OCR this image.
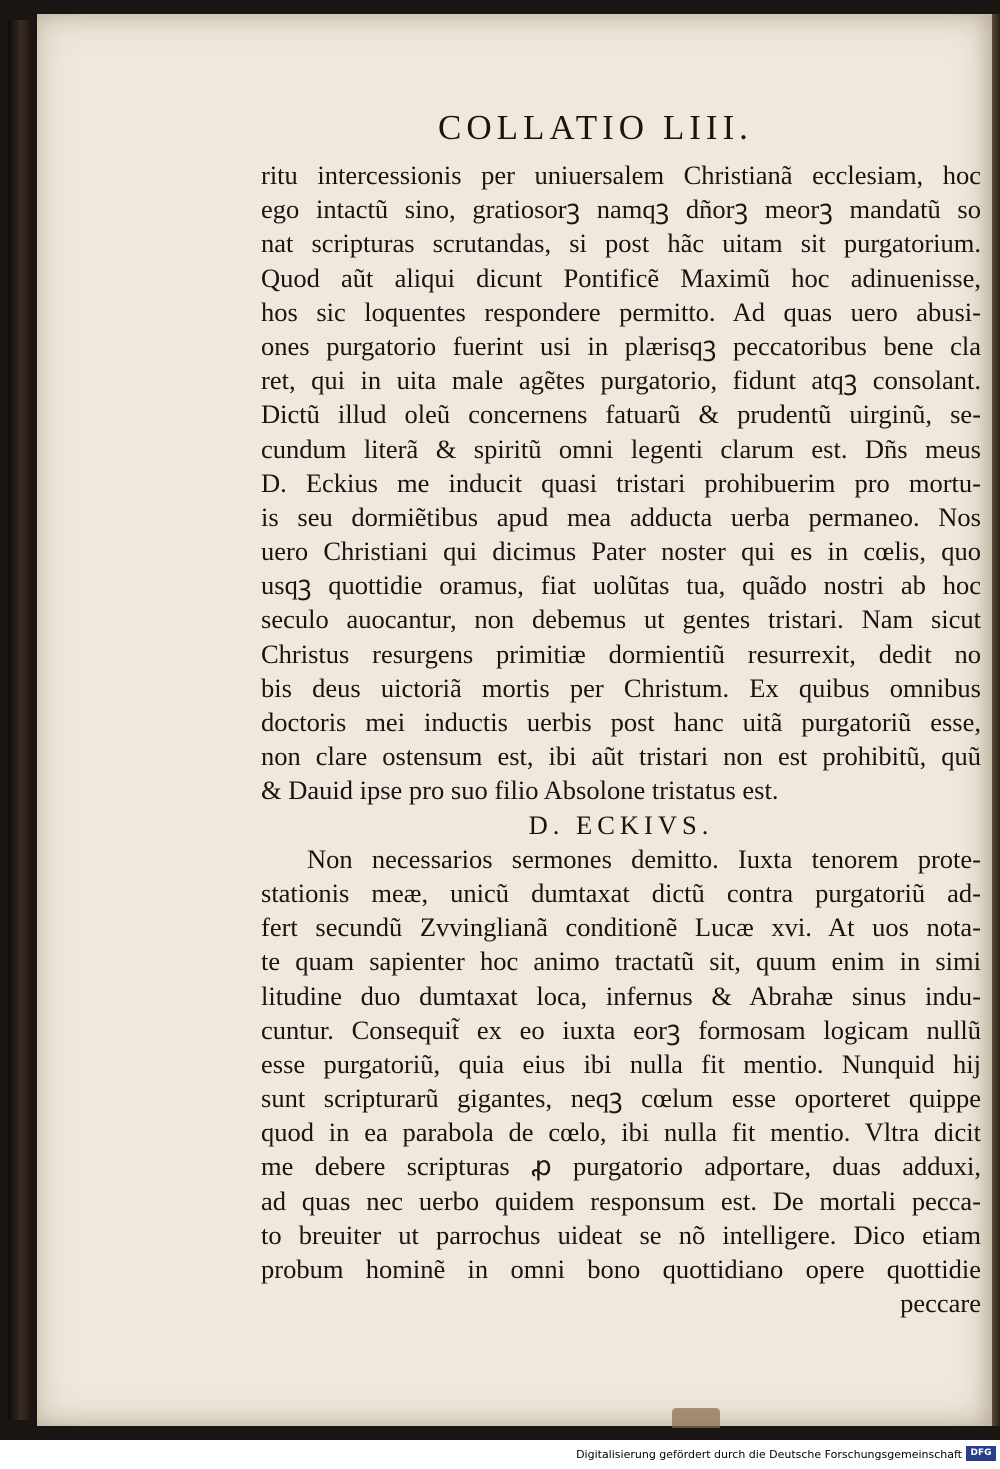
COLLATIO LIII.
ritu intercessionis per uniuersalem Christianã ecclesiam, hoc
ego intactũ sino, gratiosorꝫ namqꝫ dñorꝫ meorꝫ mandatũ so
nat scripturas scrutandas, si post hãc uitam sit purgatorium.
Quod aũt aliqui dicunt Pontificẽ Maximũ hoc adinuenisse,
hos sic loquentes respondere permitto. Ad quas uero abusi-
ones purgatorio fuerint usi in plærisqꝫ peccatoribus bene cla
ret, qui in uita male agẽtes purgatorio, fidunt atqꝫ consolant.
Dictũ illud oleũ concernens fatuarũ & prudentũ uirginũ, se-
cundum literã & spiritũ omni legenti clarum est. Dñs meus
D. Eckius me inducit quasi tristari prohibuerim pro mortu-
is seu dormiẽtibus apud mea adducta uerba permaneo. Nos
uero Christiani qui dicimus Pater noster qui es in cœlis, quo
usqꝫ quottidie oramus, fiat uolũtas tua, quãdo nostri ab hoc
seculo auocantur, non debemus ut gentes tristari. Nam sicut
Christus resurgens primitiæ dormientiũ resurrexit, dedit no
bis deus uictoriã mortis per Christum. Ex quibus omnibus
doctoris mei inductis uerbis post hanc uitã purgatoriũ esse,
non clare ostensum est, ibi aũt tristari non est prohibitũ, quũ
& Dauid ipse pro suo filio Absolone tristatus est.
D. ECKIVS.
Non necessarios sermones demitto. Iuxta tenorem prote-
stationis meæ, unicũ dumtaxat dictũ contra purgatoriũ ad-
fert secundũ Zvvinglianã conditionẽ Lucæ xvi. At uos nota-
te quam sapienter hoc animo tractatũ sit, quum enim in simi
litudine duo dumtaxat loca, infernus & Abrahæ sinus indu-
cuntur. Consequit̃ ex eo iuxta eorꝫ formosam logicam nullũ
esse purgatoriũ, quia eius ibi nulla fit mentio. Nunquid hij
sunt scripturarũ gigantes, neqꝫ cœlum esse oporteret quippe
quod in ea parabola de cœlo, ibi nulla fit mentio. Vltra dicit
me debere scripturas ꝓ purgatorio adportare, duas adduxi,
ad quas nec uerbo quidem responsum est. De mortali pecca-
to breuiter ut parrochus uideat se nõ intelligere. Dico etiam
probum hominẽ in omni bono quottidiano opere quottidie
peccare
Digitalisierung gefördert durch die Deutsche Forschungsgemeinschaft DFG
